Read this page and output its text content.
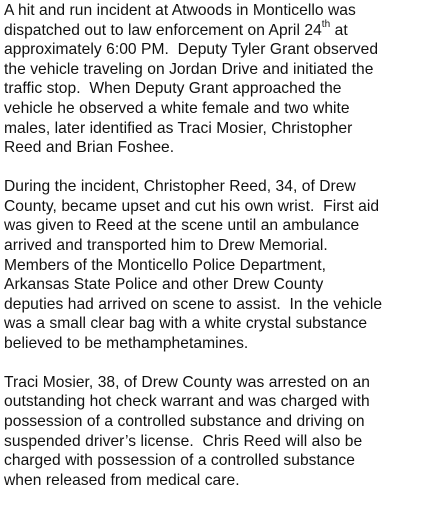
A hit and run incident at Atwoods in Monticello was
dispatched out to law enforcement on April 24th at
approximately 6:00 PM.  Deputy Tyler Grant observed
the vehicle traveling on Jordan Drive and initiated the
traffic stop.  When Deputy Grant approached the
vehicle he observed a white female and two white
males, later identified as Traci Mosier, Christopher
Reed and Brian Foshee.

During the incident, Christopher Reed, 34, of Drew
County, became upset and cut his own wrist.  First aid
was given to Reed at the scene until an ambulance
arrived and transported him to Drew Memorial.
Members of the Monticello Police Department,
Arkansas State Police and other Drew County
deputies had arrived on scene to assist.  In the vehicle
was a small clear bag with a white crystal substance
believed to be methamphetamines.

Traci Mosier, 38, of Drew County was arrested on an
outstanding hot check warrant and was charged with
possession of a controlled substance and driving on
suspended driver’s license.  Chris Reed will also be
charged with possession of a controlled substance
when released from medical care.
